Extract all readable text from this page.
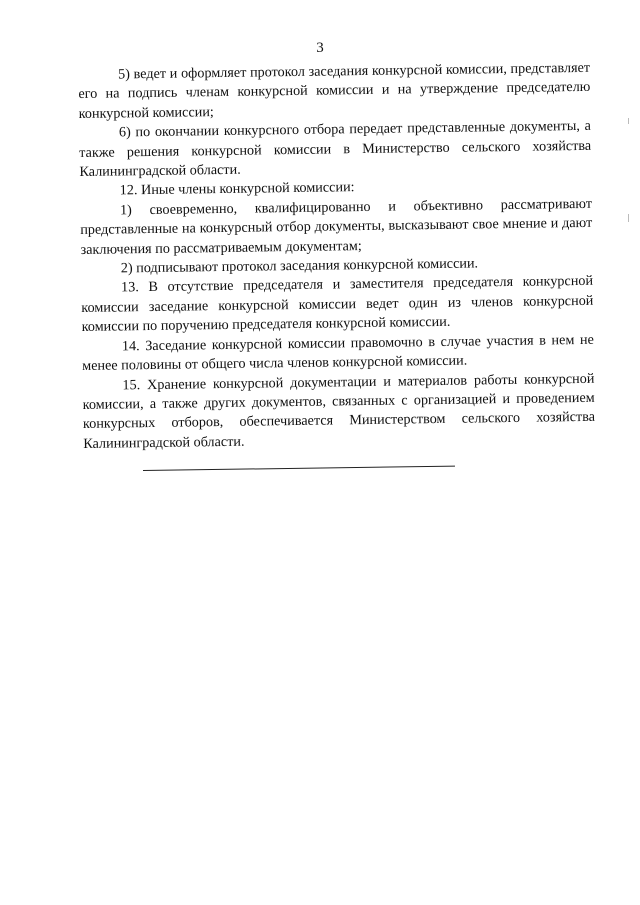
3

5) ведет и оформляет протокол заседания конкурсной комиссии, представляет его на подпись членам конкурсной комиссии и на утверждение председателю конкурсной комиссии;

6) по окончании конкурсного отбора передает представленные документы, а также решения конкурсной комиссии в Министерство сельского хозяйства Калининградской области.

12. Иные члены конкурсной комиссии:

1) своевременно, квалифицированно и объективно рассматривают представленные на конкурсный отбор документы, высказывают свое мнение и дают заключения по рассматриваемым документам;

2) подписывают протокол заседания конкурсной комиссии.

13. В отсутствие председателя и заместителя председателя конкурсной комиссии заседание конкурсной комиссии ведет один из членов конкурсной комиссии по поручению председателя конкурсной комиссии.

14. Заседание конкурсной комиссии правомочно в случае участия в нем не менее половины от общего числа членов конкурсной комиссии.

15. Хранение конкурсной документации и материалов работы конкурсной комиссии, а также других документов, связанных с организацией и проведением конкурсных отборов, обеспечивается Министерством сельского хозяйства Калининградской области.
